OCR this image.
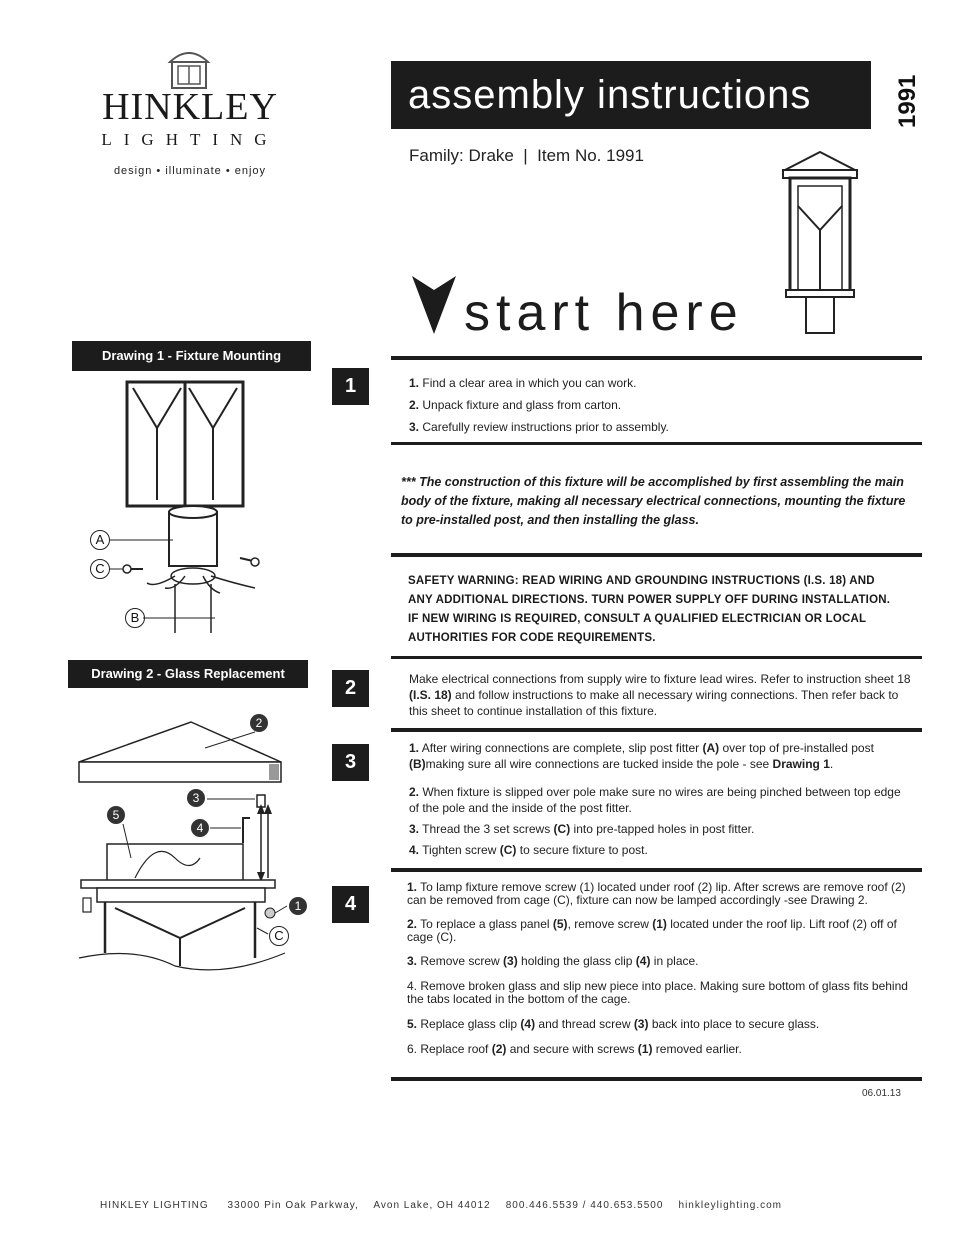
HINKLEY
LIGHTING
design • illuminate • enjoy
assembly instructions	1991
Family: Drake  |  Item No. 1991
start here
Drawing 1 - Fixture Mounting
A
C
B
Drawing 2 - Glass Replacement
2
3
5
4
1
C
1
2
3
4

1. Find a clear area in which you can work.

2. Unpack fixture and glass from carton.

3. Carefully review instructions prior to assembly.

*** The construction of this fixture will be accomplished by first assembling the main body of the fixture, making all necessary electrical connections, mounting the fixture to pre-installed post, and then installing the glass.
SAFETY WARNING: READ WIRING AND GROUNDING INSTRUCTIONS (I.S. 18) AND ANY ADDITIONAL DIRECTIONS. TURN POWER SUPPLY OFF DURING INSTALLATION. IF NEW WIRING IS REQUIRED, CONSULT A QUALIFIED ELECTRICIAN OR LOCAL AUTHORITIES FOR CODE REQUIREMENTS.
Make electrical connections from supply wire to fixture lead wires. Refer to instruction sheet 18 (I.S. 18) and follow instructions to make all necessary wiring connections. Then refer back to this sheet to continue installation of this fixture.

1. After wiring connections are complete, slip post fitter (A) over top of pre-installed post (B)making sure all wire connections are tucked inside the pole - see Drawing 1.

2. When fixture is slipped over pole make sure no wires are being pinched between top edge of the pole and the inside of the post fitter.

3. Thread the 3 set screws (C) into pre-tapped holes in post fitter.

4. Tighten screw (C) to secure fixture to post.

1. To lamp fixture remove screw (1) located under roof (2) lip. After screws are remove roof (2) can be removed from cage (C), fixture can now be lamped accordingly -see Drawing 2.

2. To replace a glass panel (5), remove screw (1) located under the roof lip. Lift roof (2) off of cage (C).

3. Remove screw (3) holding the glass clip (4) in place.

4. Remove broken glass and slip new piece into place. Making sure bottom of glass fits behind the tabs located in the bottom of the cage.

5. Replace glass clip (4) and thread screw (3) back into place to secure glass.

6. Replace roof (2) and secure with screws (1) removed earlier.

06.01.13
HINKLEY LIGHTING     33000 Pin Oak Parkway,    Avon Lake, OH 44012    800.446.5539 / 440.653.5500    hinkleylighting.com
